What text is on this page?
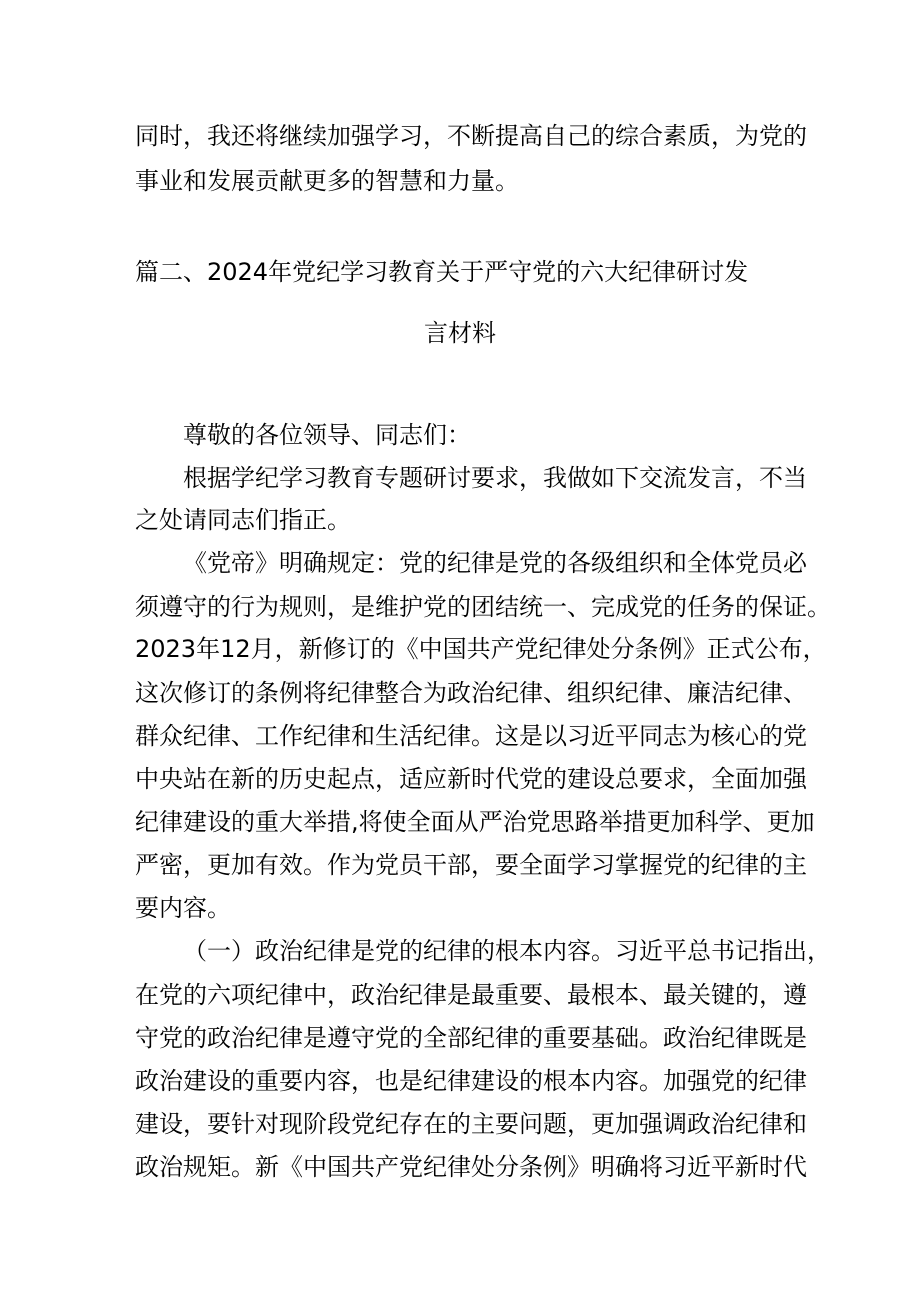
同时，我还将继续加强学习，不断提高自己的综合素质，为党的
事业和发展贡献更多的智慧和力量。
篇二、2024年党纪学习教育关于严守党的六大纪律研讨发
言材料
尊敬的各位领导、同志们：
根据学纪学习教育专题研讨要求，我做如下交流发言，不当
之处请同志们指正。
《党帝》明确规定：党的纪律是党的各级组织和全体党员必
须遵守的行为规则，是维护党的团结统一、完成党的任务的保证。
2023年12月，新修订的《中国共产党纪律处分条例》正式公布，
这次修订的条例将纪律整合为政治纪律、组织纪律、廉洁纪律、
群众纪律、工作纪律和生活纪律。这是以习近平同志为核心的党
中央站在新的历史起点，适应新时代党的建设总要求，全面加强
纪律建设的重大举措,将使全面从严治党思路举措更加科学、更加
严密，更加有效。作为党员干部，要全面学习掌握党的纪律的主
要内容。
（一）政治纪律是党的纪律的根本内容。习近平总书记指出，
在党的六项纪律中，政治纪律是最重要、最根本、最关键的，遵
守党的政治纪律是遵守党的全部纪律的重要基础。政治纪律既是
政治建设的重要内容，也是纪律建设的根本内容。加强党的纪律
建设，要针对现阶段党纪存在的主要问题，更加强调政治纪律和
政治规矩。新《中国共产党纪律处分条例》明确将习近平新时代
